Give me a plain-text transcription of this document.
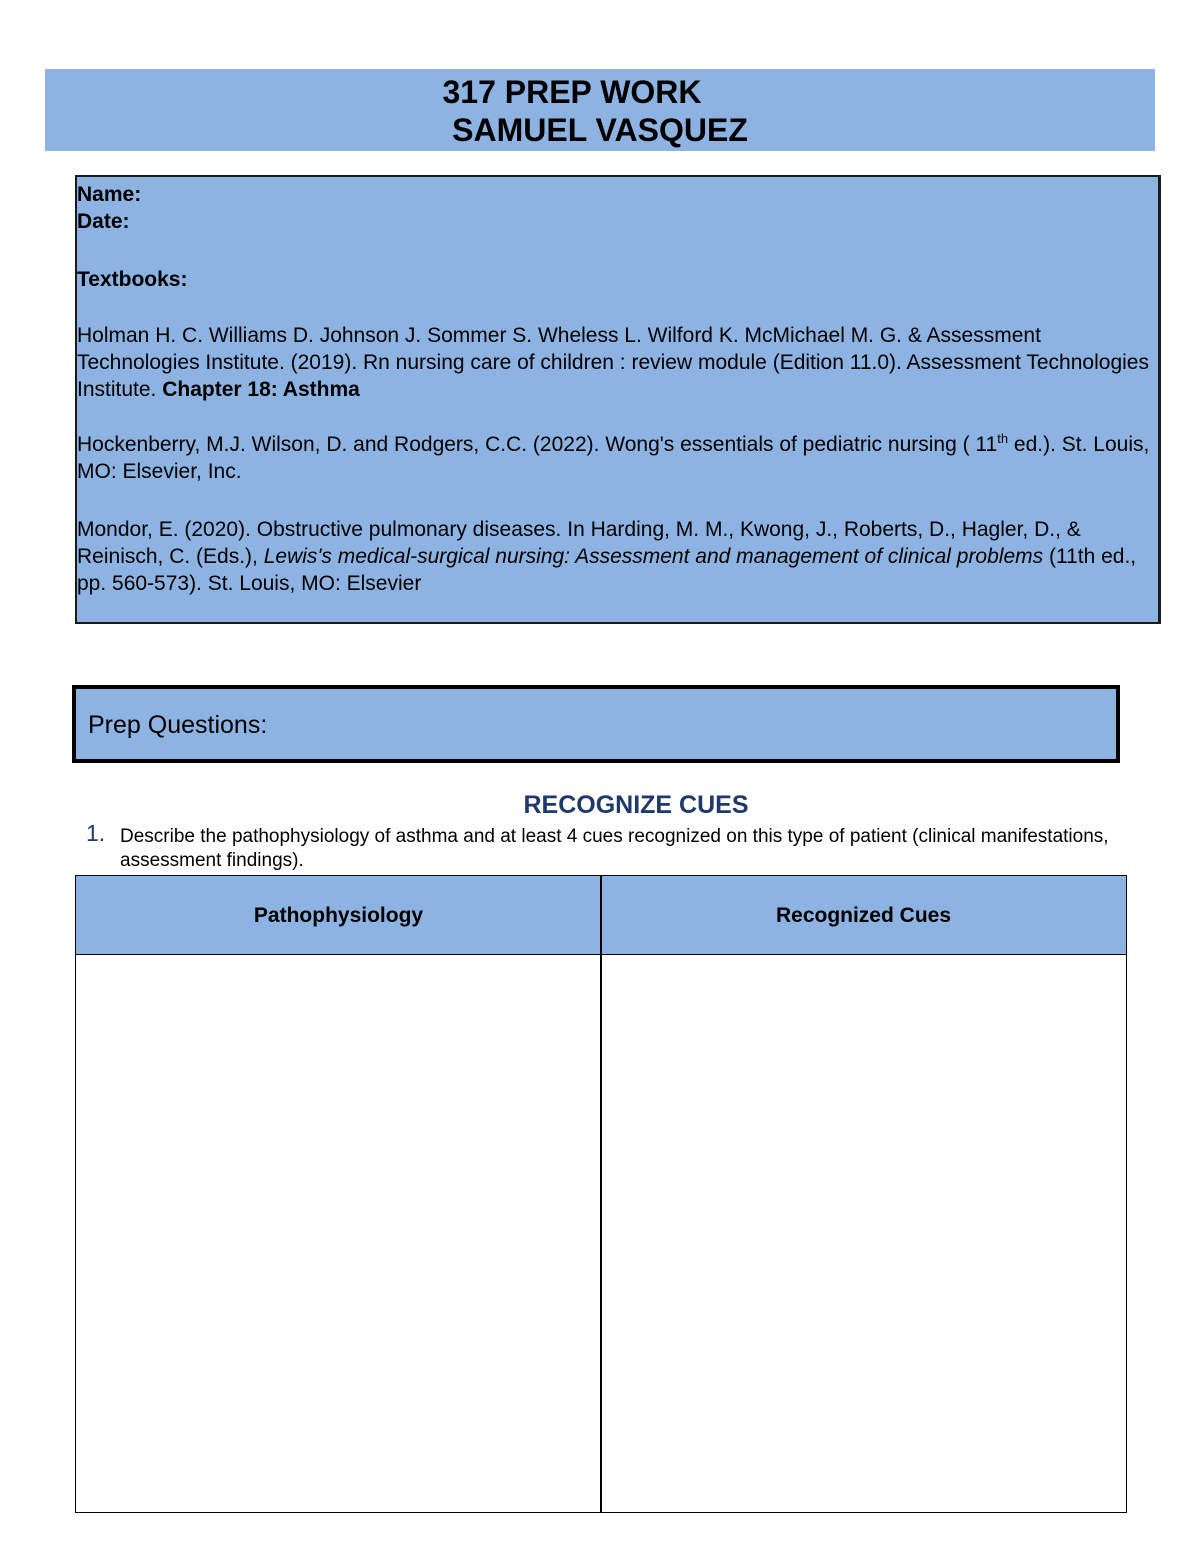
317 PREP WORK
SAMUEL VASQUEZ
Name:
Date:
Textbooks:
Holman H. C. Williams D. Johnson J. Sommer S. Wheless L. Wilford K. McMichael M. G. & Assessment Technologies Institute. (2019). Rn nursing care of children : review module (Edition 11.0). Assessment Technologies Institute. Chapter 18: Asthma
Hockenberry, M.J. Wilson, D. and Rodgers, C.C. (2022). Wong's essentials of pediatric nursing ( 11th ed.). St. Louis, MO: Elsevier, Inc.
Mondor, E. (2020). Obstructive pulmonary diseases. In Harding, M. M., Kwong, J., Roberts, D., Hagler, D., & Reinisch, C. (Eds.), Lewis's medical-surgical nursing: Assessment and management of clinical problems (11th ed., pp. 560-573). St. Louis, MO: Elsevier
Prep Questions:
RECOGNIZE CUES
1. Describe the pathophysiology of asthma and at least 4 cues recognized on this type of patient (clinical manifestations, assessment findings).
Pathophysiology	Recognized Cues
